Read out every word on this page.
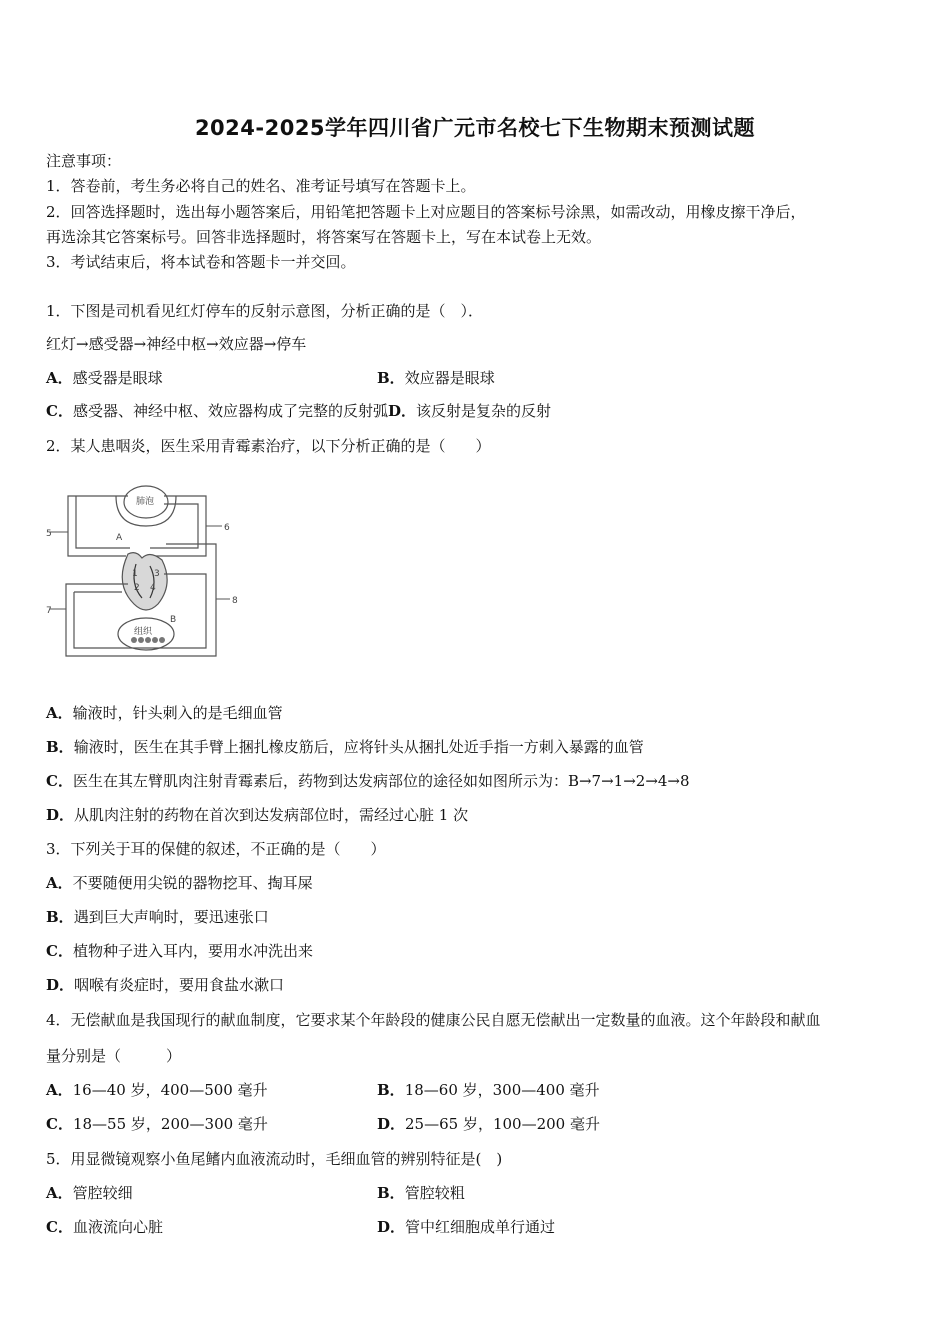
2024-2025学年四川省广元市名校七下生物期末预测试题
注意事项：
1．答卷前，考生务必将自己的姓名、准考证号填写在答题卡上。
2．回答选择题时，选出每小题答案后，用铅笔把答题卡上对应题目的答案标号涂黑，如需改动，用橡皮擦干净后，
再选涂其它答案标号。回答非选择题时，将答案写在答题卡上，写在本试卷上无效。
3．考试结束后，将本试卷和答题卡一并交回。
1．下图是司机看见红灯停车的反射示意图，分析正确的是（　）．
红灯→感受器→神经中枢→效应器→停车
A．感受器是眼球	B．效应器是眼球
C．感受器、神经中枢、效应器构成了完整的反射弧D．该反射是复杂的反射
2．某人患咽炎，医生采用青霉素治疗，以下分析正确的是（　　）
肺泡
组织
1
2
3
4
5
6
7
8
A
B
A．输液时，针头刺入的是毛细血管
B．输液时，医生在其手臂上捆扎橡皮筋后，应将针头从捆扎处近手指一方刺入暴露的血管
C．医生在其左臂肌肉注射青霉素后，药物到达发病部位的途径如如图所示为：B→7→1→2→4→8
D．从肌肉注射的药物在首次到达发病部位时，需经过心脏 1 次
3．下列关于耳的保健的叙述，不正确的是（　　）
A．不要随便用尖锐的器物挖耳、掏耳屎
B．遇到巨大声响时，要迅速张口
C．植物种子进入耳内，要用水冲洗出来
D．咽喉有炎症时，要用食盐水漱口
4．无偿献血是我国现行的献血制度，它要求某个年龄段的健康公民自愿无偿献出一定数量的血液。这个年龄段和献血
量分别是（　　　）
A．16—40 岁，400—500 毫升	B．18—60 岁，300—400 毫升
C．18—55 岁，200—300 毫升	D．25—65 岁，100—200 毫升
5．用显微镜观察小鱼尾鳍内血液流动时，毛细血管的辨别特征是(　)
A．管腔较细	B．管腔较粗
C．血液流向心脏	D．管中红细胞成单行通过
